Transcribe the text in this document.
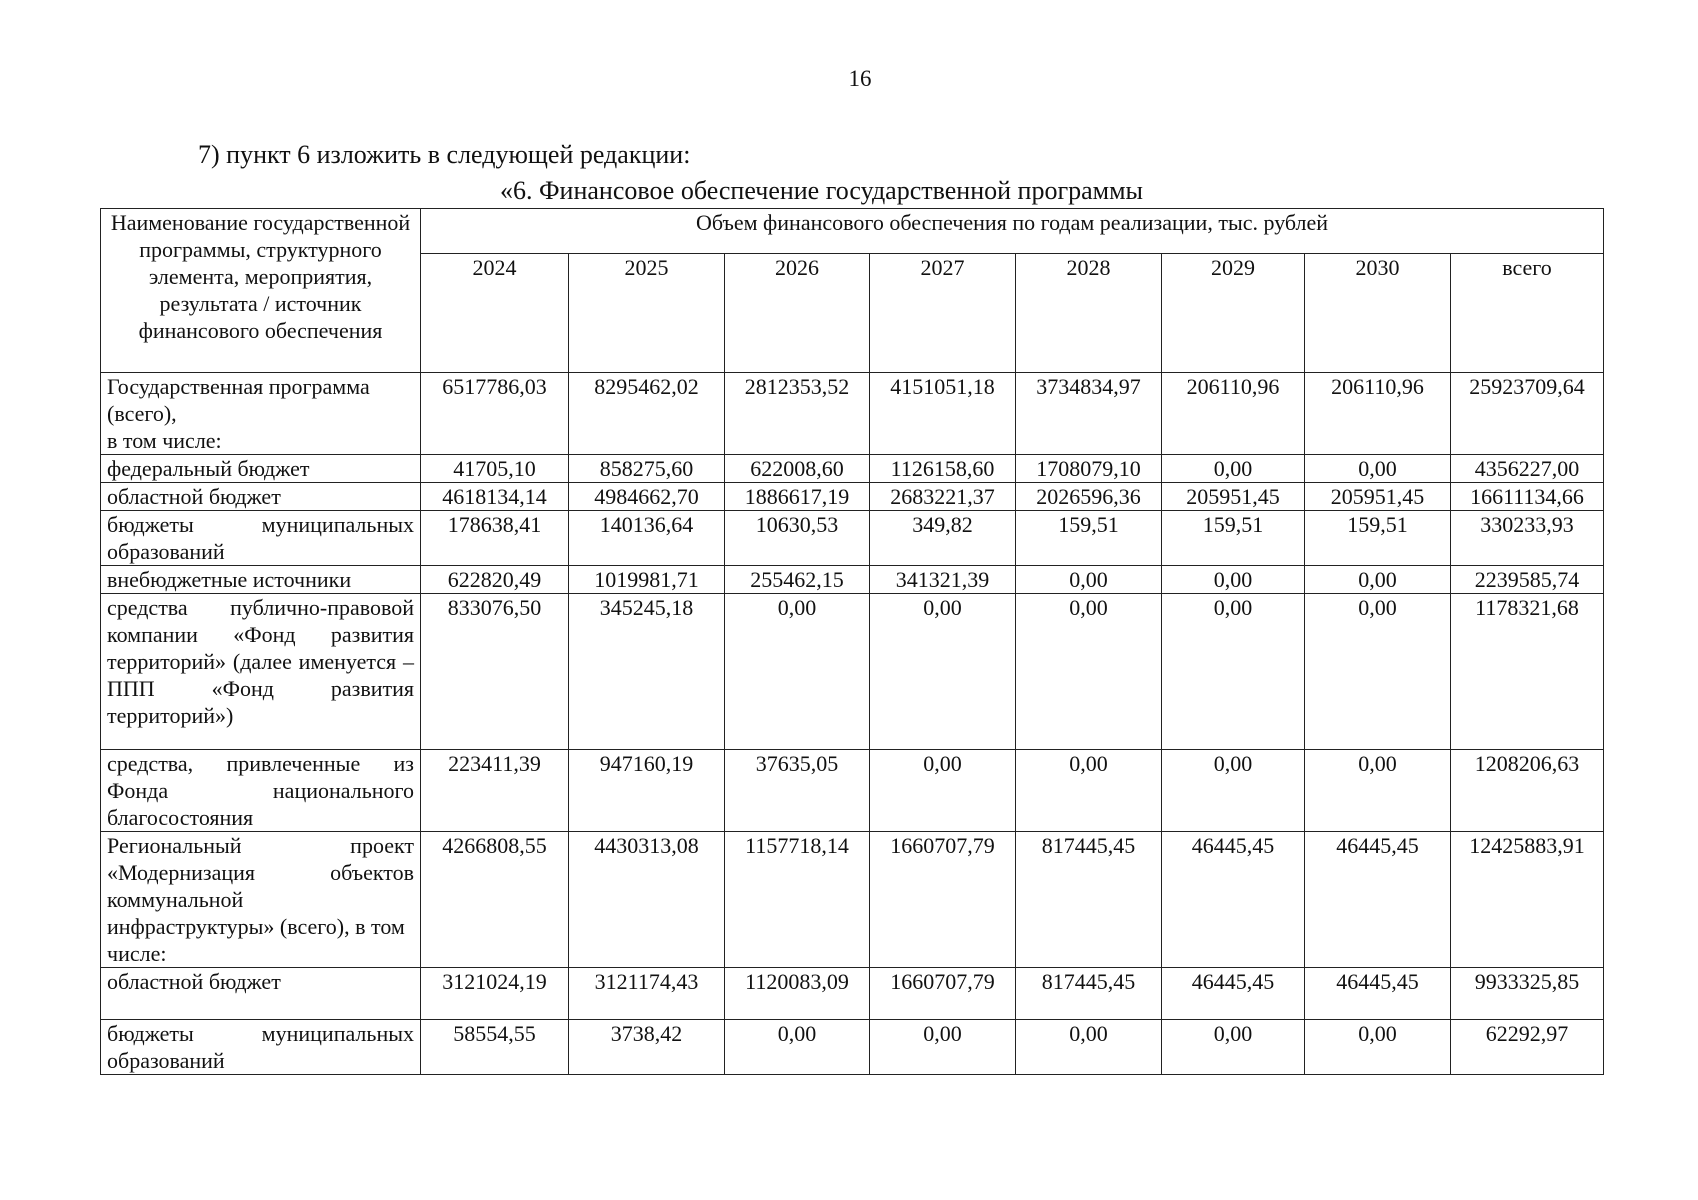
16
7) пункт 6 изложить в следующей редакции:
«6. Финансовое обеспечение государственной программы
Наименование государственной программы, структурного элемента, мероприятия, результата / источник финансового обеспечения	Объем финансового обеспечения по годам реализации, тыс. рублей							
	2024	2025	2026	2027	2028	2029	2030	всего
Государственная программа (всего),
в том числе:	6517786,03	8295462,02	2812353,52	4151051,18	3734834,97	206110,96	206110,96	25923709,64
федеральный бюджет	41705,10	858275,60	622008,60	1126158,60	1708079,10	0,00	0,00	4356227,00
областной бюджет	4618134,14	4984662,70	1886617,19	2683221,37	2026596,36	205951,45	205951,45	16611134,66
бюджеты муниципальных
образований	178638,41	140136,64	10630,53	349,82	159,51	159,51	159,51	330233,93
внебюджетные источники	622820,49	1019981,71	255462,15	341321,39	0,00	0,00	0,00	2239585,74
средства публично-правовой компании «Фонд развития территорий» (далее именуется – ППП «Фонд развития
территорий»)	833076,50	345245,18	0,00	0,00	0,00	0,00	0,00	1178321,68
средства, привлеченные из Фонда национального
благосостояния	223411,39	947160,19	37635,05	0,00	0,00	0,00	0,00	1208206,63
Региональный проект «Модернизация объектов
коммунальной инфраструктуры» (всего), в том числе:	4266808,55	4430313,08	1157718,14	1660707,79	817445,45	46445,45	46445,45	12425883,91
областной бюджет	3121024,19	3121174,43	1120083,09	1660707,79	817445,45	46445,45	46445,45	9933325,85
бюджеты муниципальных
образований	58554,55	3738,42	0,00	0,00	0,00	0,00	0,00	62292,97
